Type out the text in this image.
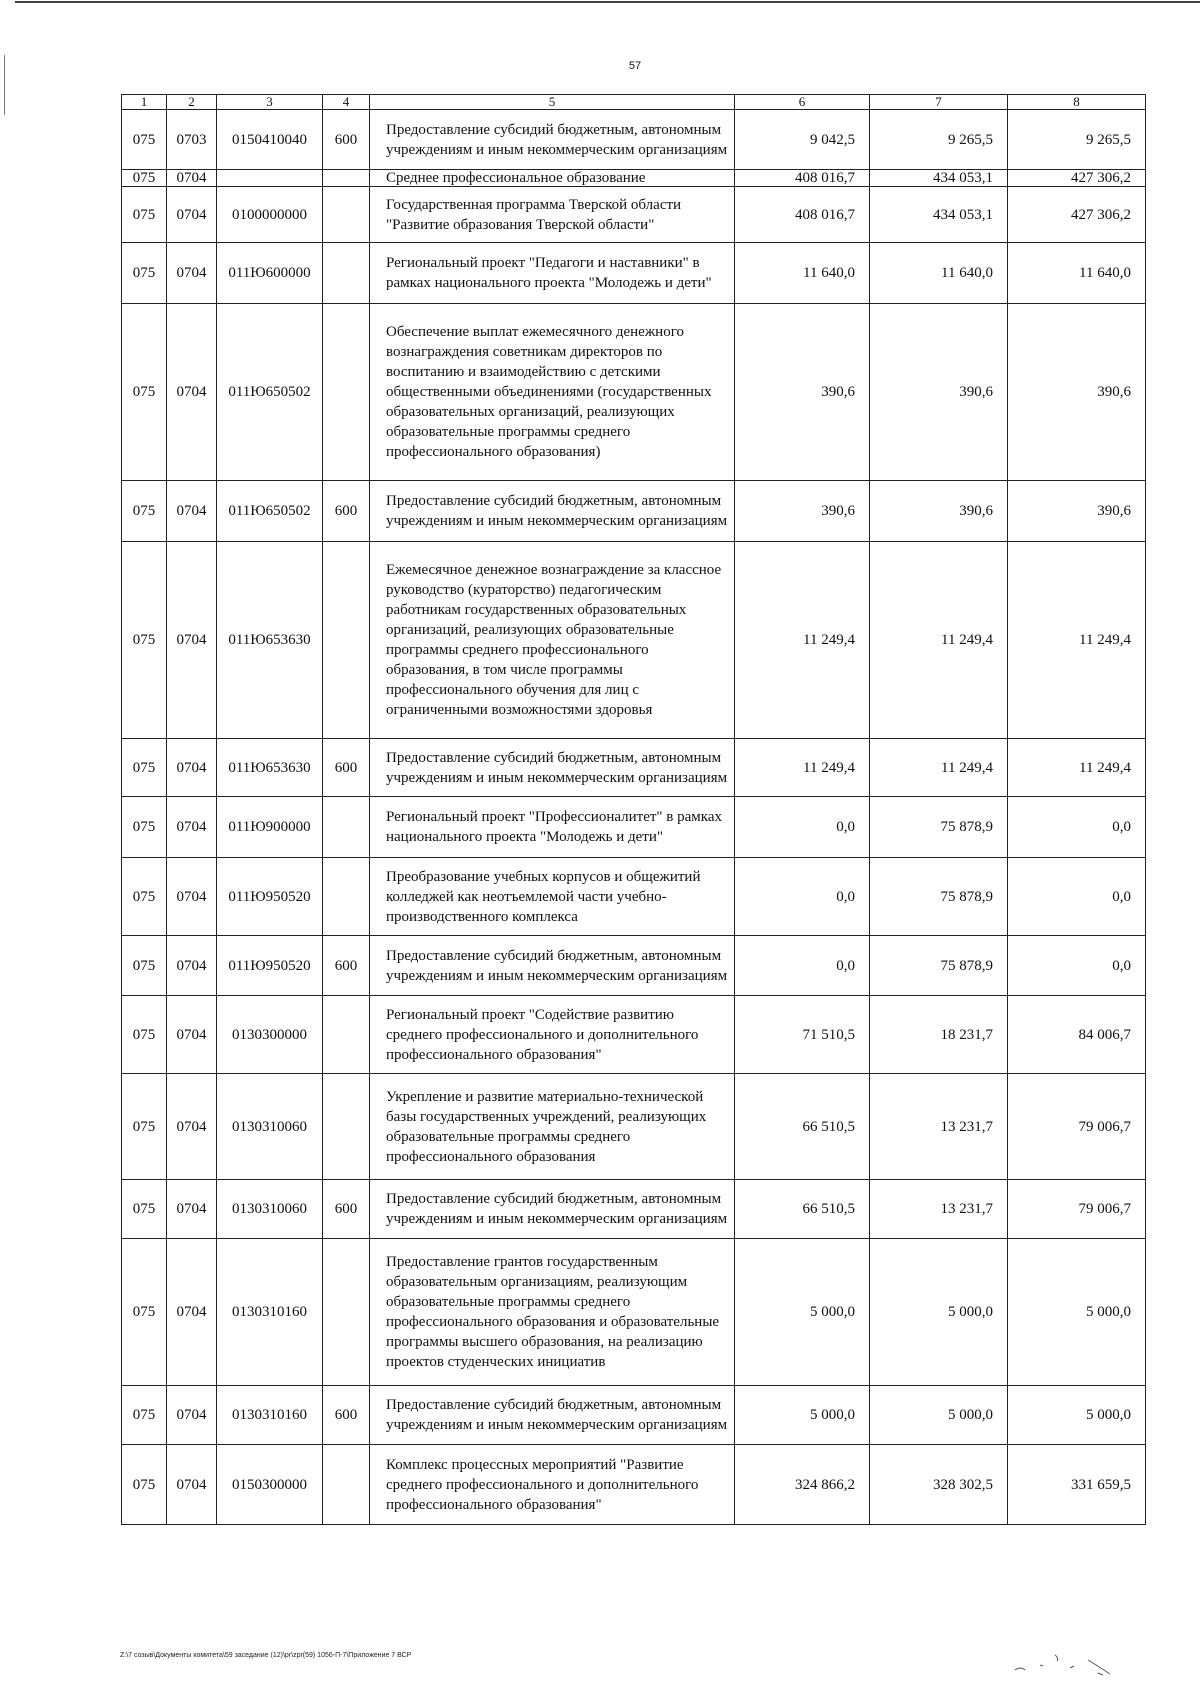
57
1	2	3	4	5	6	7	8
075	0703	0150410040	600	Предоставление субсидий бюджетным, автономным учреждениям и иным некоммерческим организациям	9 042,5	9 265,5	9 265,5
075	0704			Среднее профессиональное образование	408 016,7	434 053,1	427 306,2
075	0704	0100000000		Государственная программа Тверской области "Развитие образования Тверской области"	408 016,7	434 053,1	427 306,2
075	0704	011Ю600000		Региональный проект "Педагоги и наставники" в рамках национального проекта "Молодежь и дети"	11 640,0	11 640,0	11 640,0
075	0704	011Ю650502		Обеспечение выплат ежемесячного денежного вознаграждения советникам директоров по воспитанию и взаимодействию с детскими общественными объединениями (государственных образовательных организаций, реализующих образовательные программы среднего профессионального образования)	390,6	390,6	390,6
075	0704	011Ю650502	600	Предоставление субсидий бюджетным, автономным учреждениям и иным некоммерческим организациям	390,6	390,6	390,6
075	0704	011Ю653630		Ежемесячное денежное вознаграждение за классное руководство (кураторство) педагогическим работникам государственных образовательных организаций, реализующих образовательные программы среднего профессионального образования, в том числе программы профессионального обучения для лиц с ограниченными возможностями здоровья	11 249,4	11 249,4	11 249,4
075	0704	011Ю653630	600	Предоставление субсидий бюджетным, автономным учреждениям и иным некоммерческим организациям	11 249,4	11 249,4	11 249,4
075	0704	011Ю900000		Региональный проект "Профессионалитет" в рамках национального проекта "Молодежь и дети"	0,0	75 878,9	0,0
075	0704	011Ю950520		Преобразование учебных корпусов и общежитий колледжей как неотъемлемой части учебно-производственного комплекса	0,0	75 878,9	0,0
075	0704	011Ю950520	600	Предоставление субсидий бюджетным, автономным учреждениям и иным некоммерческим организациям	0,0	75 878,9	0,0
075	0704	0130300000		Региональный проект "Содействие развитию среднего профессионального и дополнительного профессионального образования"	71 510,5	18 231,7	84 006,7
075	0704	0130310060		Укрепление и развитие материально-технической базы государственных учреждений, реализующих образовательные программы среднего профессионального образования	66 510,5	13 231,7	79 006,7
075	0704	0130310060	600	Предоставление субсидий бюджетным, автономным учреждениям и иным некоммерческим организациям	66 510,5	13 231,7	79 006,7
075	0704	0130310160		Предоставление грантов государственным образовательным организациям, реализующим образовательные программы среднего профессионального образования и образовательные программы высшего образования, на реализацию проектов студенческих инициатив	5 000,0	5 000,0	5 000,0
075	0704	0130310160	600	Предоставление субсидий бюджетным, автономным учреждениям и иным некоммерческим организациям	5 000,0	5 000,0	5 000,0
075	0704	0150300000		Комплекс процессных мероприятий "Развитие среднего профессионального и дополнительного профессионального образования"	324 866,2	328 302,5	331 659,5
Z:\7 созыв\Документы комитета\59 заседание (12)\pr\zpr(59) 1056-П-7\Приложение 7 ВСР
